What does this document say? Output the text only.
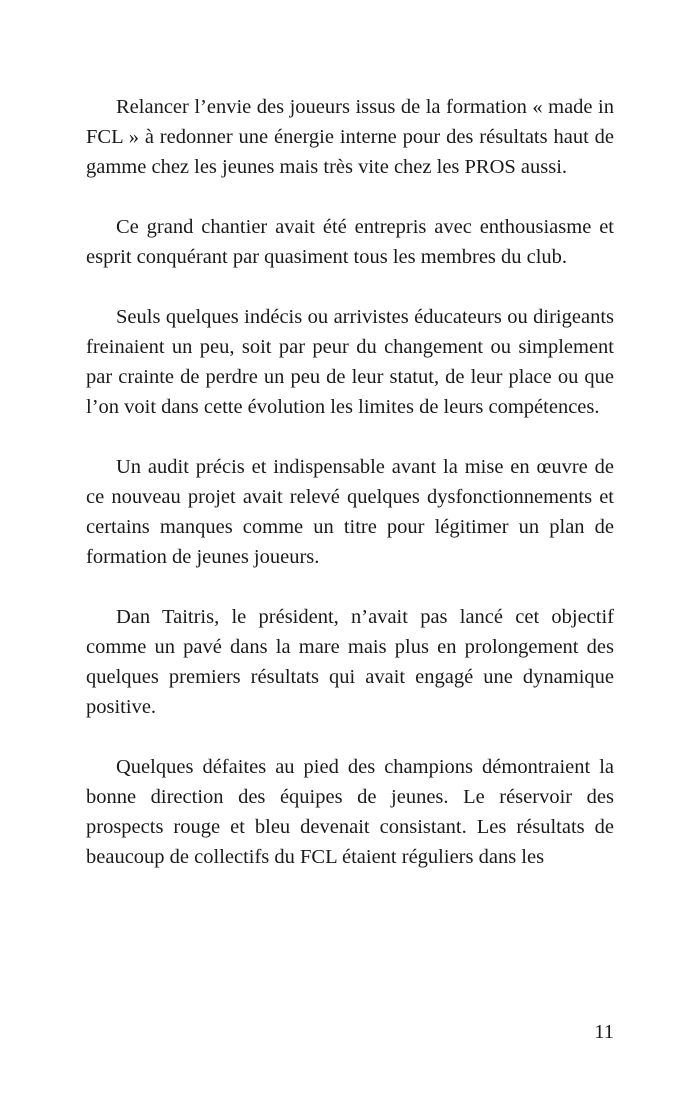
Relancer l’envie des joueurs issus de la formation « made in FCL » à redonner une énergie interne pour des résultats haut de gamme chez les jeunes mais très vite chez les PROS aussi.

Ce grand chantier avait été entrepris avec enthousiasme et esprit conquérant par quasiment tous les membres du club.

Seuls quelques indécis ou arrivistes éducateurs ou dirigeants freinaient un peu, soit par peur du changement ou simplement par crainte de perdre un peu de leur statut, de leur place ou que l’on voit dans cette évolution les limites de leurs compétences.

Un audit précis et indispensable avant la mise en œuvre de ce nouveau projet avait relevé quelques dysfonctionnements et certains manques comme un titre pour légitimer un plan de formation de jeunes joueurs.

Dan Taitris, le président, n’avait pas lancé cet objectif comme un pavé dans la mare mais plus en prolongement des quelques premiers résultats qui avait engagé une dynamique positive.

Quelques défaites au pied des champions démontraient la bonne direction des équipes de jeunes. Le réservoir des prospects rouge et bleu devenait consistant. Les résultats de beaucoup de collectifs du FCL étaient réguliers dans les

11
